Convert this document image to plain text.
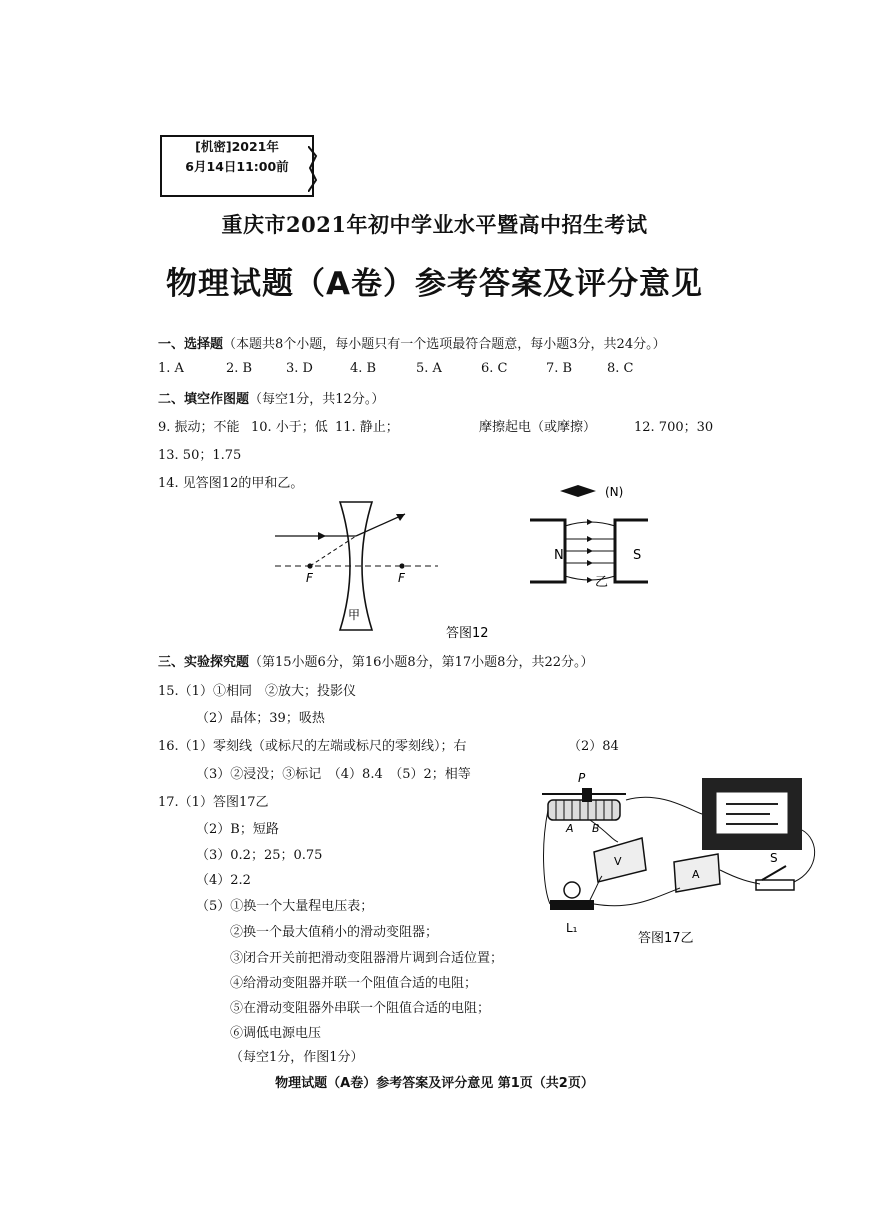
[机密]2021年
6月14日11:00前
重庆市2021年初中学业水平暨高中招生考试
物理试题（A卷）参考答案及评分意见
一、选择题（本题共8个小题，每小题只有一个选项最符合题意，每小题3分，共24分。）
1. A	2. B	3. D	4. B	5. A	6. C	7. B	8. C
二、填空作图题（每空1分，共12分。）
9. 振动；不能 10. 小于；低 11. 静止；	摩擦起电（或摩擦）	12. 700；30
13. 50；1.75
14. 见答图12的甲和乙。
F	F
甲
(N)
N	S
乙
答图12
三、实验探究题（第15小题6分，第16小题8分，第17小题8分，共22分。）
15.（1）①相同　②放大；投影仪
（2）晶体；39；吸热
16.（1）零刻线（或标尺的左端或标尺的零刻线）；右	（2）84
（3）②浸没；③标记　（4）8.4　（5）2；相等
17.（1）答图17乙
（2）B；短路
（3）0.2；25；0.75
（4）2.2
（5）①换一个大量程电压表；
②换一个最大值稍小的滑动变阻器；
③闭合开关前把滑动变阻器滑片调到合适位置；
④给滑动变阻器并联一个阻值合适的电阻；
⑤在滑动变阻器外串联一个阻值合适的电阻；
⑥调低电源电压
（每空1分，作图1分）
P
A B
V
A
L₁
S
答图17乙
物理试题（A卷）参考答案及评分意见 第1页（共2页）
